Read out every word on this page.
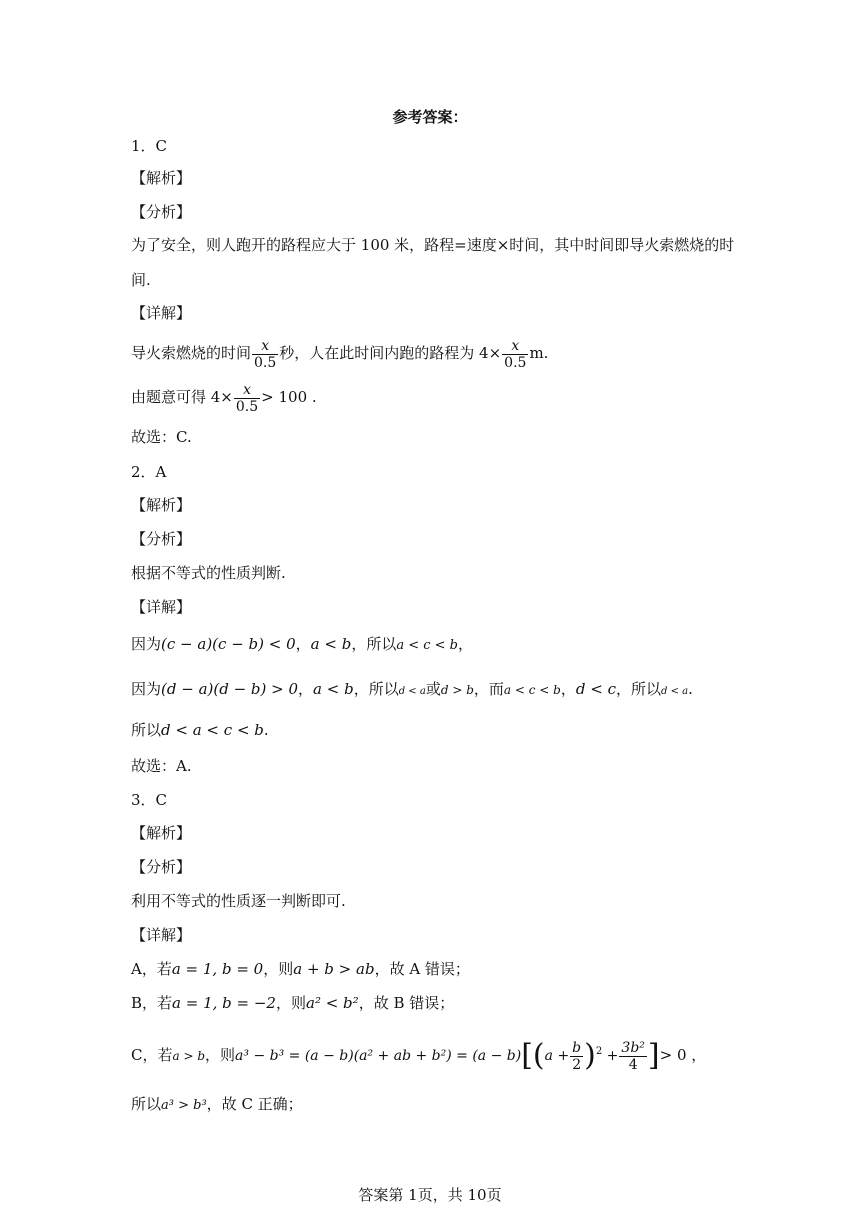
参考答案：
1．C
【解析】
【分析】
为了安全，则人跑开的路程应大于 100 米，路程=速度×时间，其中时间即导火索燃烧的时
间.
【详解】
导火索燃烧的时间 $\frac{x}{0.5}$ 秒，人在此时间内跑的路程为 $4\times \frac{x}{0.5} m$.
由题意可得 $4\times \frac{x}{0.5} > 100$ .
故选：C.
2．A
【解析】
【分析】
根据不等式的性质判断.
【详解】
因为(c − a)(c − b) < 0，a < b，所以a < c < b，
因为(d − a)(d − b) > 0，a < b，所以d < a或d > b，而a < c < b，d < c，所以d < a.
所以d < a < c < b.
故选：A.
3．C
【解析】
【分析】
利用不等式的性质逐一判断即可.
【详解】
A，若a = 1, b = 0，则a + b > ab，故 A 错误；
B，若a = 1, b = −2，则a² < b²，故 B 错误；
C，若a > b，则a³ − b³ = (a − b)(a² + ab + $b^2) = (a - b)[(a + \frac{b}{2} )^2 + \frac{\text{3b²}}{4}$ ]> 0 ，
所以a³ > b³，故 C 正确；
答案第 1页，共 10页
